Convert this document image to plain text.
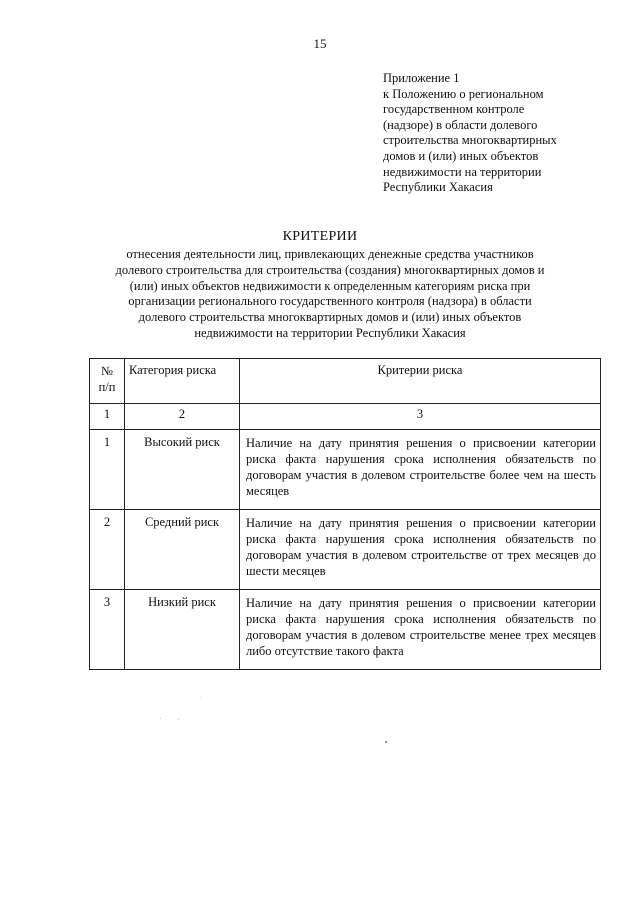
15
Приложение 1
к Положению о региональном
государственном контроле
(надзоре) в области долевого
строительства многоквартирных
домов и (или) иных объектов
недвижимости на территории
Республики Хакасия
КРИТЕРИИ
отнесения деятельности лиц, привлекающих денежные средства участников
долевого строительства для строительства (создания) многоквартирных домов и
(или) иных объектов недвижимости к определенным категориям риска при
организации регионального государственного контроля (надзора) в области
долевого строительства многоквартирных домов и (или) иных объектов
недвижимости на территории Республики Хакасия
№
п/п	Категория риска	Критерии риска
1	2	3
1	Высокий риск	Наличие на дату принятия решения о присвоении категории риска факта нарушения срока исполнения обязательств по договорам участия в долевом строительстве более чем на шесть месяцев
2	Средний риск	Наличие на дату принятия решения о присвоении категории риска факта нарушения срока исполнения обязательств по договорам участия в долевом строительстве от трех месяцев до шести месяцев
3	Низкий риск	Наличие на дату принятия решения о присвоении категории риска факта нарушения срока исполнения обязательств по договорам участия в долевом строительстве менее трех месяцев либо отсутствие такого факта
